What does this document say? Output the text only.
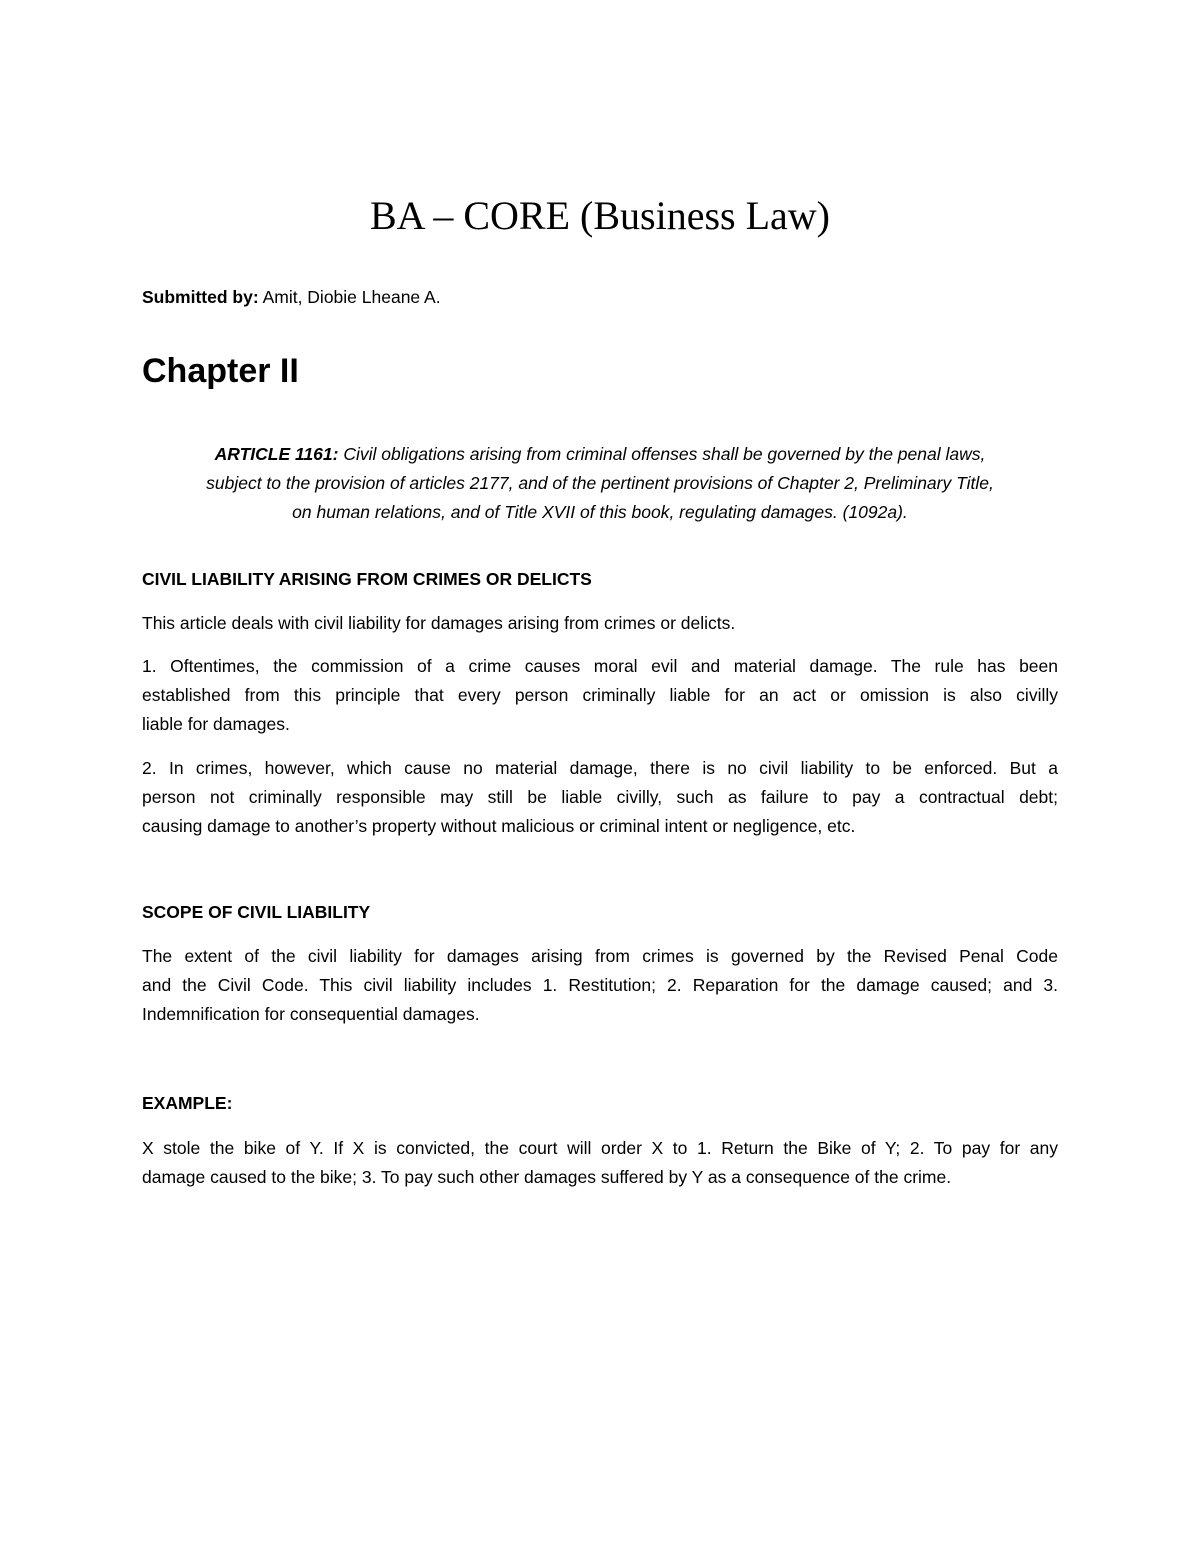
BA – CORE (Business Law)

Submitted by: Amit, Diobie Lheane A.

Chapter II

ARTICLE 1161: Civil obligations arising from criminal offenses shall be governed by the penal laws,
subject to the provision of articles 2177, and of the pertinent provisions of Chapter 2, Preliminary Title,
on human relations, and of Title XVII of this book, regulating damages. (1092a).

CIVIL LIABILITY ARISING FROM CRIMES OR DELICTS

This article deals with civil liability for damages arising from crimes or delicts.

1. Oftentimes, the commission of a crime causes moral evil and material damage. The rule has been
established from this principle that every person criminally liable for an act or omission is also civilly
liable for damages.

2. In crimes, however, which cause no material damage, there is no civil liability to be enforced. But a
person not criminally responsible may still be liable civilly, such as failure to pay a contractual debt;
causing damage to another’s property without malicious or criminal intent or negligence, etc.

SCOPE OF CIVIL LIABILITY

The extent of the civil liability for damages arising from crimes is governed by the Revised Penal Code
and the Civil Code. This civil liability includes 1. Restitution; 2. Reparation for the damage caused; and 3.
Indemnification for consequential damages.

EXAMPLE:

X stole the bike of Y. If X is convicted, the court will order X to 1. Return the Bike of Y; 2. To pay for any
damage caused to the bike; 3. To pay such other damages suffered by Y as a consequence of the crime.
